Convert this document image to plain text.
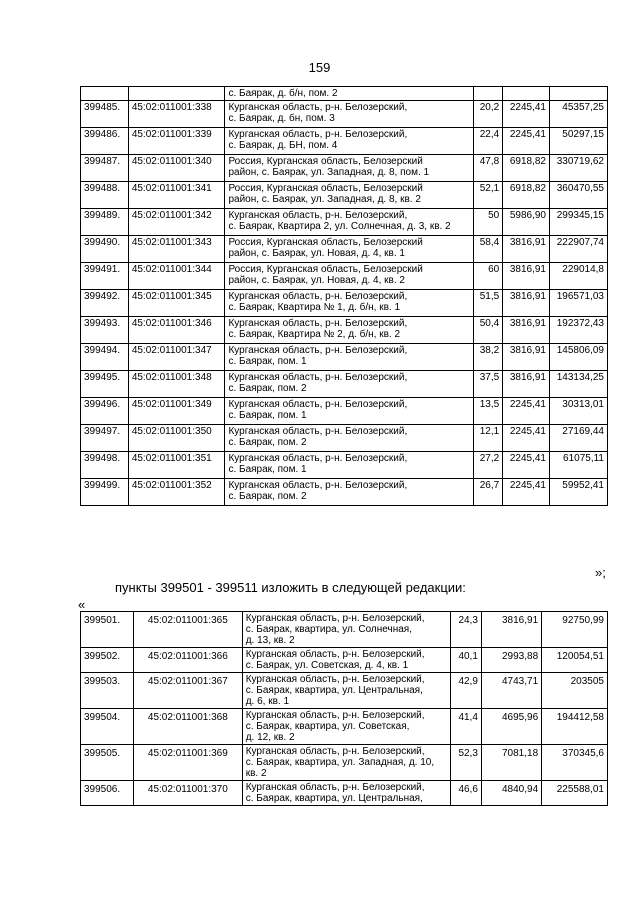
159
		с. Баярак, д. б/н, пом. 2			
399485.	45:02:011001:338	Курганская область, р-н. Белозерский,
с. Баярак, д. бн, пом. 3	20,2	2245,41	45357,25
399486.	45:02:011001:339	Курганская область, р-н. Белозерский,
с. Баярак, д. БН, пом. 4	22,4	2245,41	50297,15
399487.	45:02:011001:340	Россия, Курганская область, Белозерский
район, с. Баярак, ул. Западная, д. 8, пом. 1	47,8	6918,82	330719,62
399488.	45:02:011001:341	Россия, Курганская область, Белозерский
район, с. Баярак, ул. Западная, д. 8, кв. 2	52,1	6918,82	360470,55
399489.	45:02:011001:342	Курганская область, р-н. Белозерский,
с. Баярак, Квартира 2, ул. Солнечная, д. 3, кв. 2	50	5986,90	299345,15
399490.	45:02:011001:343	Россия, Курганская область, Белозерский
район, с. Баярак, ул. Новая, д. 4, кв. 1	58,4	3816,91	222907,74
399491.	45:02:011001:344	Россия, Курганская область, Белозерский
район, с. Баярак, ул. Новая, д. 4, кв. 2	60	3816,91	229014,8
399492.	45:02:011001:345	Курганская область, р-н. Белозерский,
с. Баярак, Квартира № 1, д. б/н, кв. 1	51,5	3816,91	196571,03
399493.	45:02:011001:346	Курганская область, р-н. Белозерский,
с. Баярак, Квартира № 2, д. б/н, кв. 2	50,4	3816,91	192372,43
399494.	45:02:011001:347	Курганская область, р-н. Белозерский,
с. Баярак, пом. 1	38,2	3816,91	145806,09
399495.	45:02:011001:348	Курганская область, р-н. Белозерский,
с. Баярак, пом. 2	37,5	3816,91	143134,25
399496.	45:02:011001:349	Курганская область, р-н. Белозерский,
с. Баярак, пом. 1	13,5	2245,41	30313,01
399497.	45:02:011001:350	Курганская область, р-н. Белозерский,
с. Баярак, пом. 2	12,1	2245,41	27169,44
399498.	45:02:011001:351	Курганская область, р-н. Белозерский,
с. Баярак, пом. 1	27,2	2245,41	61075,11
399499.	45:02:011001:352	Курганская область, р-н. Белозерский,
с. Баярак, пом. 2	26,7	2245,41	59952,41
»;
пункты 399501 - 399511 изложить в следующей редакции:
«
399501.	45:02:011001:365	Курганская область, р-н. Белозерский,
с. Баярак, квартира, ул. Солнечная,
д. 13, кв. 2	24,3	3816,91	92750,99
399502.	45:02:011001:366	Курганская область, р-н. Белозерский,
с. Баярак, ул. Советская, д. 4, кв. 1	40,1	2993,88	120054,51
399503.	45:02:011001:367	Курганская область, р-н. Белозерский,
с. Баярак, квартира, ул. Центральная,
д. 6, кв. 1	42,9	4743,71	203505
399504.	45:02:011001:368	Курганская область, р-н. Белозерский,
с. Баярак, квартира, ул. Советская,
д. 12, кв. 2	41,4	4695,96	194412,58
399505.	45:02:011001:369	Курганская область, р-н. Белозерский,
с. Баярак, квартира, ул. Западная, д. 10,
кв. 2	52,3	7081,18	370345,6
399506.	45:02:011001:370	Курганская область, р-н. Белозерский,
с. Баярак, квартира, ул. Центральная,	46,6	4840,94	225588,01
